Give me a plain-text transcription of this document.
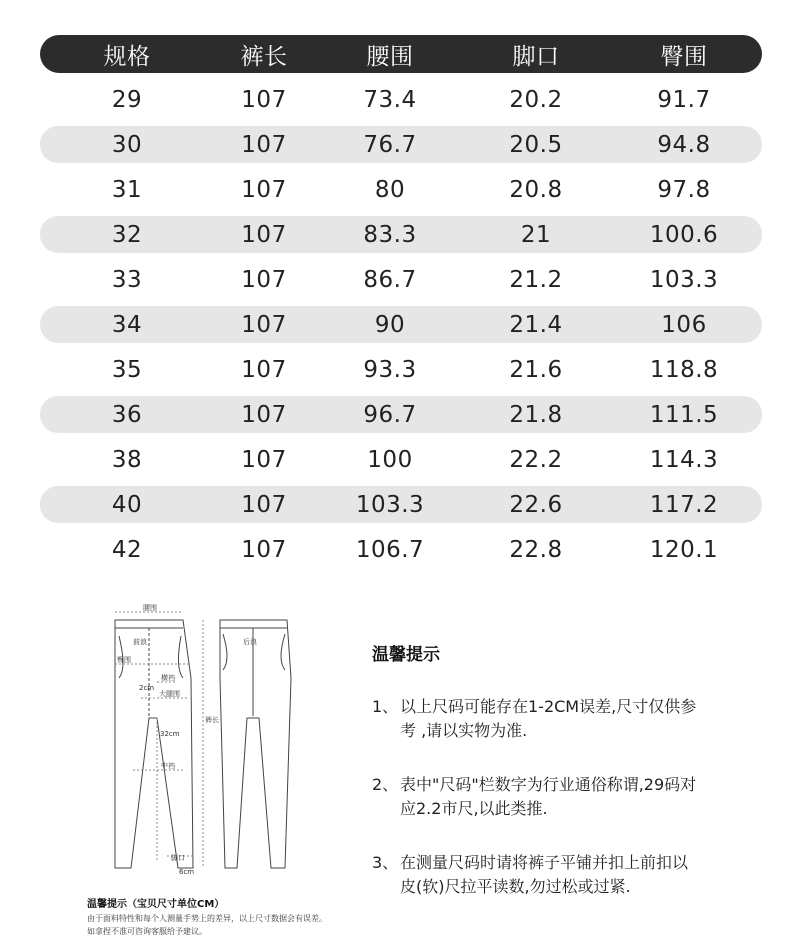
规格	裤长	腰围	脚口	臀围
29	107	73.4	20.2	91.7
30	107	76.7	20.5	94.8
31	107	80	20.8	97.8
32	107	83.3	21	100.6
33	107	86.7	21.2	103.3
34	107	90	21.4	106
35	107	93.3	21.6	118.8
36	107	96.7	21.8	111.5
38	107	100	22.2	114.3
40	107	103.3	22.6	117.2
42	107	106.7	22.8	120.1
腰围
臀围
前浪	后浪
横裆
大腿围
32cm
2cm
裤长
中裆
脚口
6cm
温馨提示（宝贝尺寸单位CM）
由于面料特性和每个人测量手势上的差异，以上尺寸数据会有误差。如拿捏不准可咨询客服给予建议。
温馨提示
1、 以上尺码可能存在1-2CM误差,尺寸仅供参考 ,请以实物为准.
2、 表中"尺码"栏数字为行业通俗称谓,29码对应2.2市尺,以此类推.
3、 在测量尺码时请将裤子平铺并扣上前扣以皮(软)尺拉平读数,勿过松或过紧.
